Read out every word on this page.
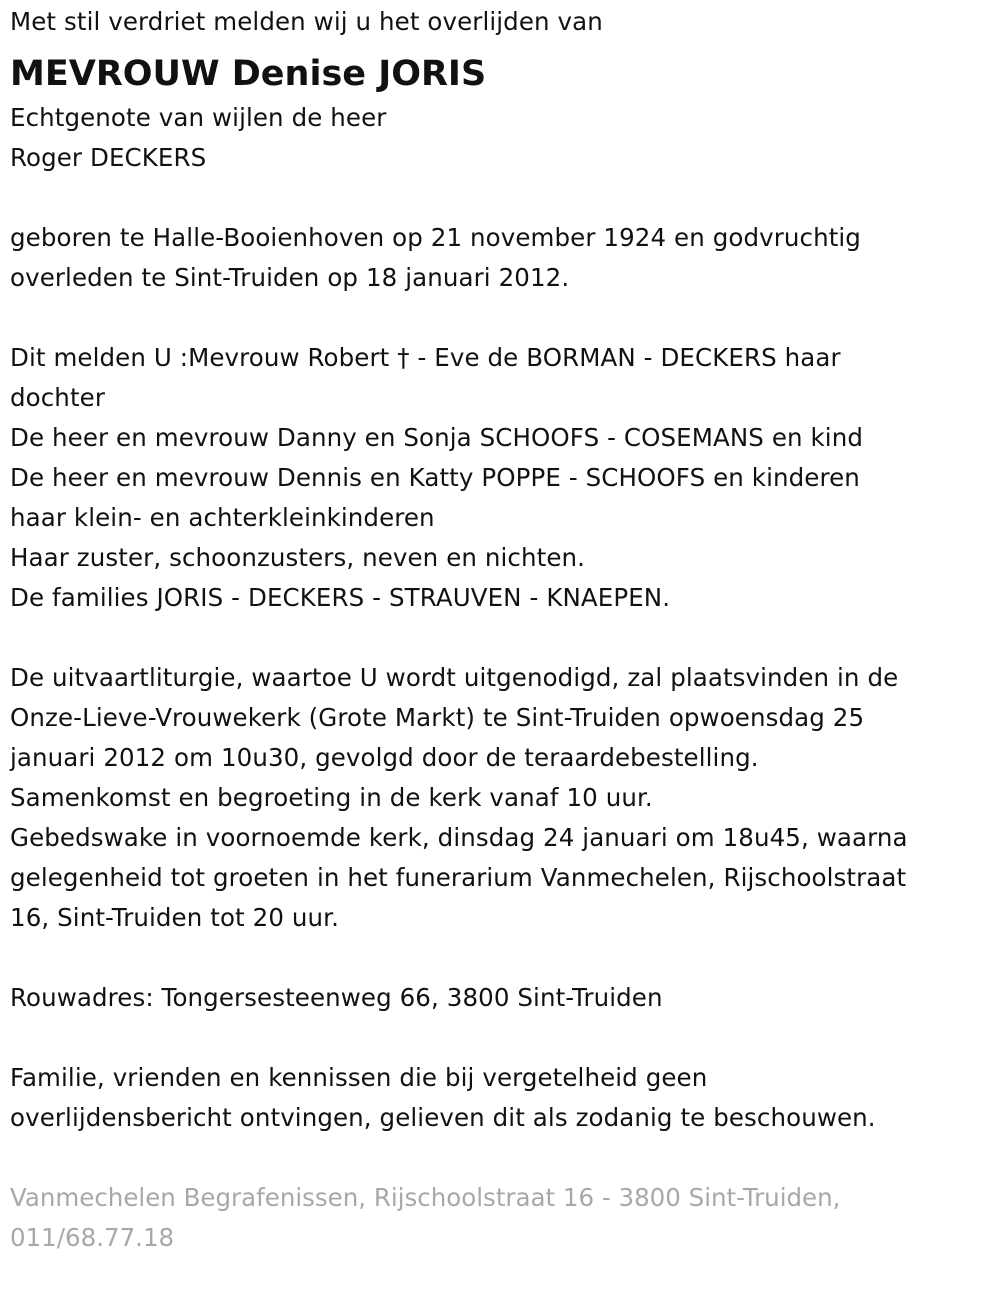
Met stil verdriet melden wij u het overlijden van
MEVROUW Denise JORIS
Echtgenote van wijlen de heer
Roger DECKERS
geboren te Halle-Booienhoven op 21 november 1924 en godvruchtig
overleden te Sint-Truiden op 18 januari 2012.
Dit melden U :Mevrouw Robert † - Eve de BORMAN - DECKERS haar
dochter
De heer en mevrouw Danny en Sonja SCHOOFS - COSEMANS en kind
De heer en mevrouw Dennis en Katty POPPE - SCHOOFS en kinderen
haar klein- en achterkleinkinderen
Haar zuster, schoonzusters, neven en nichten.
De families JORIS - DECKERS - STRAUVEN - KNAEPEN.
De uitvaartliturgie, waartoe U wordt uitgenodigd, zal plaatsvinden in de
Onze-Lieve-Vrouwekerk (Grote Markt) te Sint-Truiden opwoensdag 25
januari 2012 om 10u30, gevolgd door de teraardebestelling.
Samenkomst en begroeting in de kerk vanaf 10 uur.
Gebedswake in voornoemde kerk, dinsdag 24 januari om 18u45, waarna
gelegenheid tot groeten in het funerarium Vanmechelen, Rijschoolstraat
16, Sint-Truiden tot 20 uur.
Rouwadres: Tongersesteenweg 66, 3800 Sint-Truiden
Familie, vrienden en kennissen die bij vergetelheid geen
overlijdensbericht ontvingen, gelieven dit als zodanig te beschouwen.
Vanmechelen Begrafenissen, Rijschoolstraat 16 - 3800 Sint-Truiden,
011/68.77.18
